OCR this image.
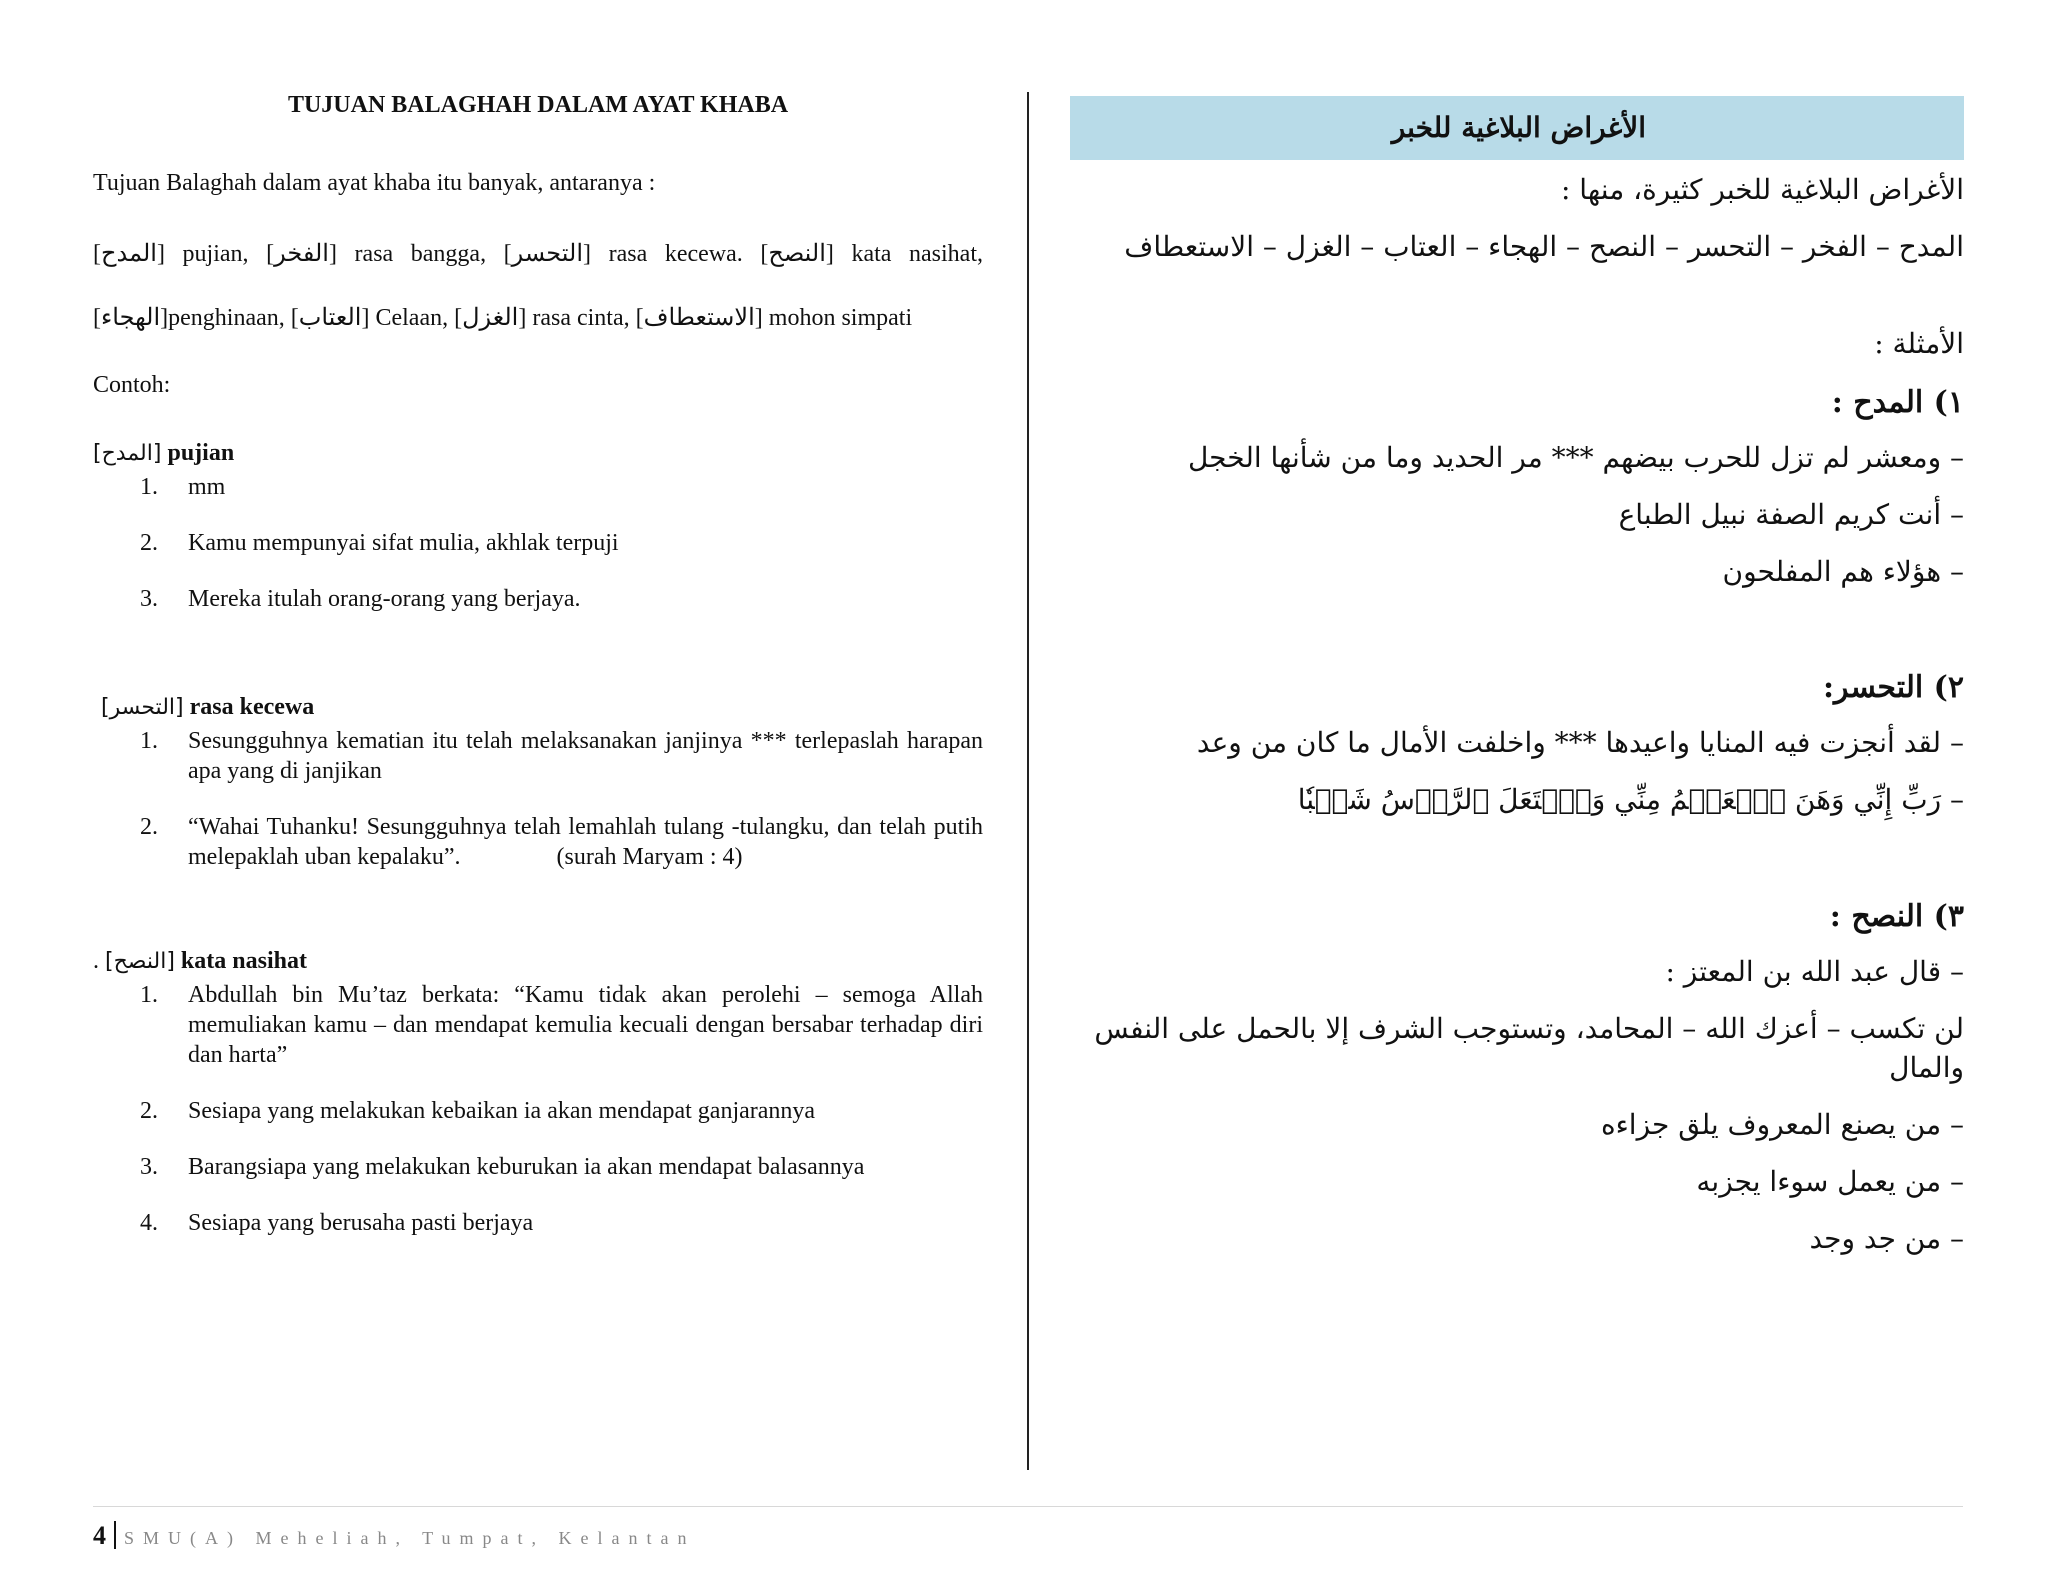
TUJUAN BALAGHAH DALAM AYAT KHABA
Tujuan Balaghah dalam ayat khaba itu banyak, antaranya :
[المدح] pujian, [الفخر] rasa bangga, [التحسر] rasa kecewa. [النصح] kata nasihat, [الهجاء]penghinaan, [العتاب] Celaan, [الغزل] rasa cinta, [الاستعطاف] mohon simpati
Contoh:
[المدح] pujian
1. mm
2. Kamu mempunyai sifat mulia, akhlak terpuji
3. Mereka itulah orang-orang yang berjaya.
[التحسر] rasa kecewa
1. Sesungguhnya kematian itu telah melaksanakan janjinya *** terlepaslah harapan apa yang di janjikan
2. “Wahai Tuhanku! Sesungguhnya telah lemahlah tulang -tulangku, dan telah putih melepaklah uban kepalaku”.                (surah Maryam : 4)
. [النصح] kata nasihat
1. Abdullah bin Mu’taz berkata: “Kamu tidak akan perolehi – semoga Allah memuliakan kamu – dan mendapat kemulia kecuali dengan bersabar terhadap diri dan harta”
2. Sesiapa yang melakukan kebaikan ia akan mendapat ganjarannya
3. Barangsiapa yang melakukan keburukan ia akan mendapat balasannya
4. Sesiapa yang berusaha pasti berjaya
الأغراض البلاغية للخبر
الأغراض البلاغية للخبر كثيرة، منها :
المدح – الفخر – التحسر – النصح – الهجاء – العتاب – الغزل – الاستعطاف
الأمثلة :
١) المدح :
– ومعشر لم تزل للحرب بيضهم *** مر الحديد وما من شأنها الخجل
– أنت كريم الصفة نبيل الطباع
– هؤلاء هم المفلحون
٢) التحسر:
– لقد أنجزت فيه المنايا واعيدها *** واخلفت الأمال ما كان من وعد
– رَبِّ إِنِّي وَهَنَ ٱلۡعَظۡمُ مِنِّي وَٱشۡتَعَلَ ٱلرَّأۡسُ شَيۡبٗا
٣) النصح :
– قال عبد الله بن المعتز :
لن تكسب – أعزك الله – المحامد، وتستوجب الشرف إلا بالحمل على النفس والمال
– من يصنع المعروف يلق جزاءه
– من يعمل سوءا يجزبه
– من جد وجد
4 SMU(A) Meheliah, Tumpat, Kelantan
